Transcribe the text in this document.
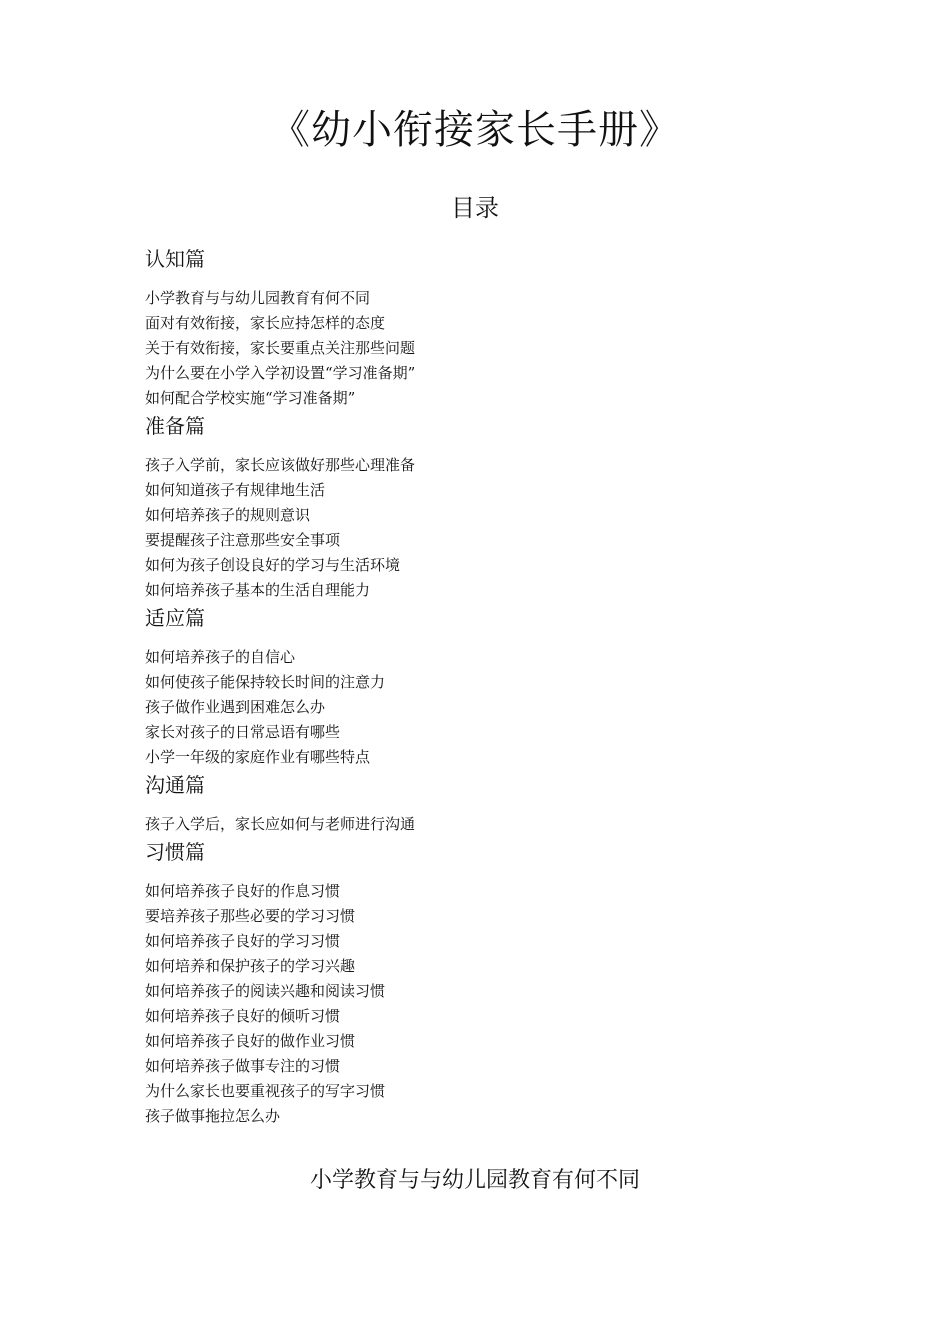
《幼小衔接家长手册》
目录
认知篇
小学教育与与幼儿园教育有何不同
面对有效衔接，家长应持怎样的态度
关于有效衔接，家长要重点关注那些问题
为什么要在小学入学初设置“学习准备期”
如何配合学校实施“学习准备期”
准备篇
孩子入学前，家长应该做好那些心理准备
如何知道孩子有规律地生活
如何培养孩子的规则意识
要提醒孩子注意那些安全事项
如何为孩子创设良好的学习与生活环境
如何培养孩子基本的生活自理能力
适应篇
如何培养孩子的自信心
如何使孩子能保持较长时间的注意力
孩子做作业遇到困难怎么办
家长对孩子的日常忌语有哪些
小学一年级的家庭作业有哪些特点
沟通篇
孩子入学后，家长应如何与老师进行沟通
习惯篇
如何培养孩子良好的作息习惯
要培养孩子那些必要的学习习惯
如何培养孩子良好的学习习惯
如何培养和保护孩子的学习兴趣
如何培养孩子的阅读兴趣和阅读习惯
如何培养孩子良好的倾听习惯
如何培养孩子良好的做作业习惯
如何培养孩子做事专注的习惯
为什么家长也要重视孩子的写字习惯
孩子做事拖拉怎么办
小学教育与与幼儿园教育有何不同
